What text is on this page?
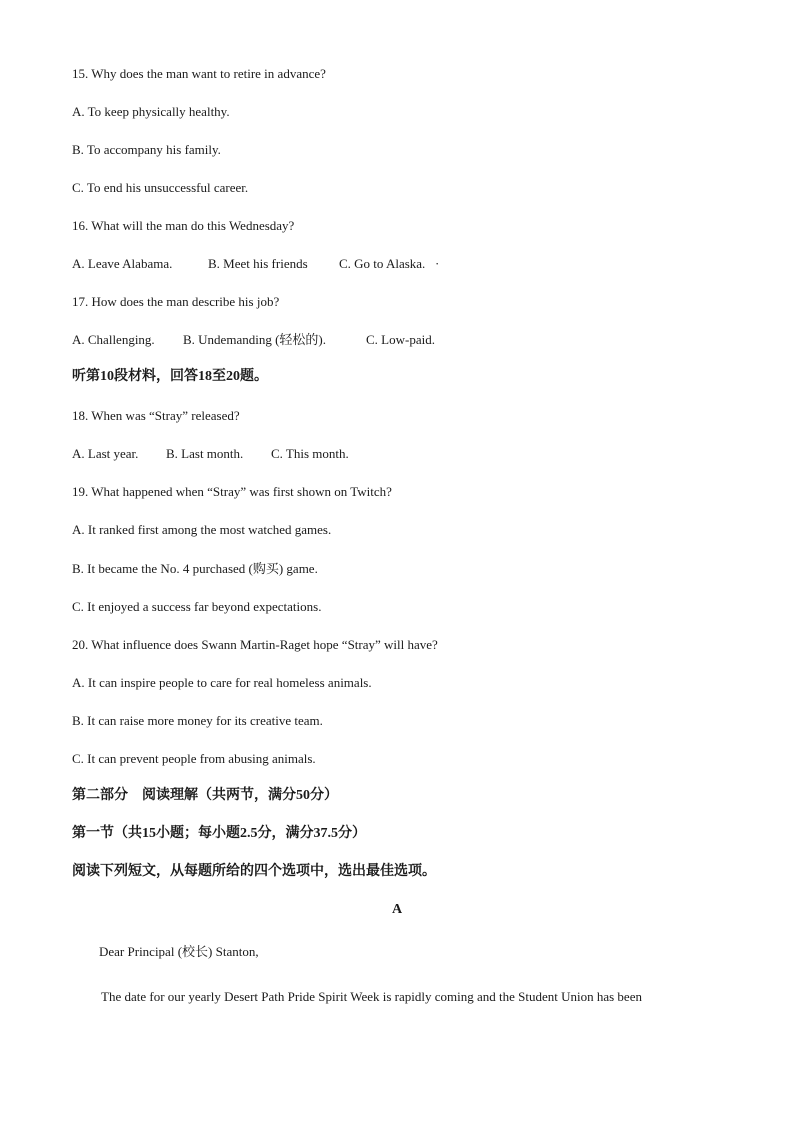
15. Why does the man want to retire in advance?
A. To keep physically healthy.
B. To accompany his family.
C. To end his unsuccessful career.
16. What will the man do this Wednesday?
A. Leave Alabama.	B. Meet his friends C. Go to Alaska. ·
17. How does the man describe his job?
A. Challenging. B. Undemanding (轻松的).	C. Low-paid.
听第10段材料，回答18至20题。
18. When was “Stray” released?
A. Last year. B. Last month. C. This month.
19. What happened when “Stray” was first shown on Twitch?
A. It ranked first among the most watched games.
B. It became the No. 4 purchased (购买) game.
C. It enjoyed a success far beyond expectations.
20. What influence does Swann Martin-Raget hope “Stray” will have?
A. It can inspire people to care for real homeless animals.
B. It can raise more money for its creative team.
C. It can prevent people from abusing animals.
第二部分　阅读理解（共两节，满分50分）
第一节（共15小题；每小题2.5分，满分37.5分）
阅读下列短文，从每题所给的四个选项中，选出最佳选项。
A
Dear Principal (校长) Stanton,
The date for our yearly Desert Path Pride Spirit Week is rapidly coming and the Student Union has been
